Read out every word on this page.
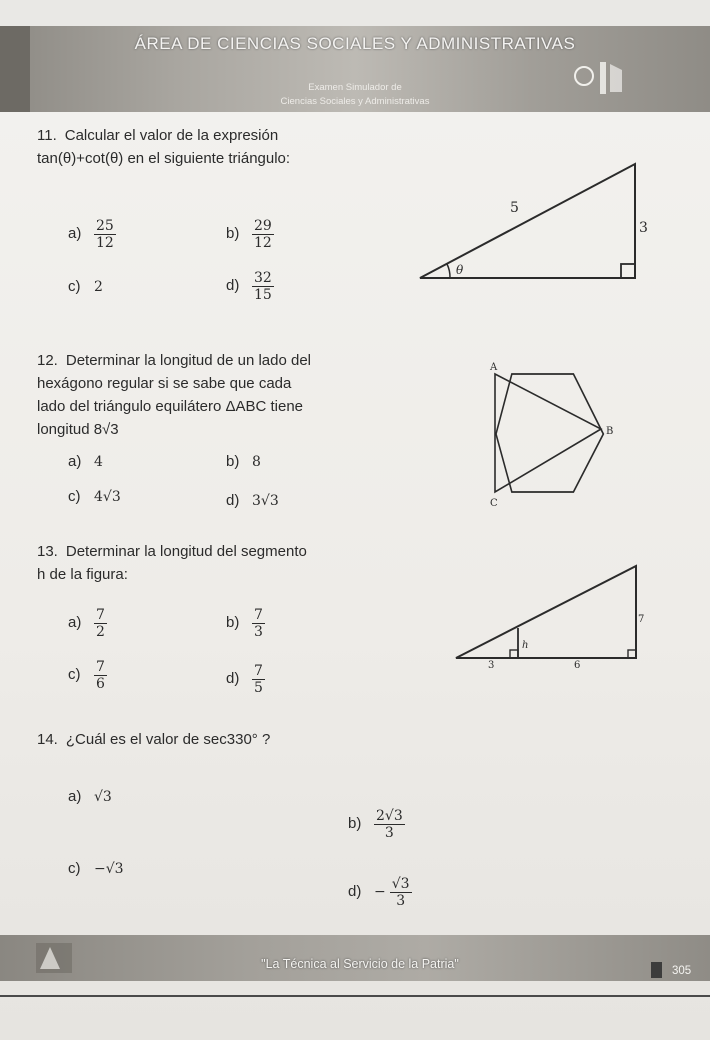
ÁREA DE CIENCIAS SOCIALES Y ADMINISTRATIVAS
Examen Simulador de
Ciencias Sociales y Administrativas
11. Calcular el valor de la expresión tan(θ)+cot(θ) en el siguiente triángulo:
$a) \frac{25}{12}$	$b) \frac{29}{12}$
c) 2	$d) \frac{32}{15}$
5
3
θ
12. Determinar la longitud de un lado del hexágono regular si se sabe que cada lado del triángulo equilátero ΔABC tiene longitud 8√3
a) 4	b) 8
c) 4√3	d) 3√3
A
B
C
13. Determinar la longitud del segmento h de la figura:
$a) \frac{7}{2}$	$b) \frac{7}{3}$
$c) \frac{7}{6}$	$d) \frac{7}{5}$
7
h
3	6
14. ¿Cuál es el valor de sec330° ?
a) √3
$b) \frac{2√3}{3}$
c) −√3
$d) - \frac{√3}{3}$
"La Técnica al Servicio de la Patria"	305
